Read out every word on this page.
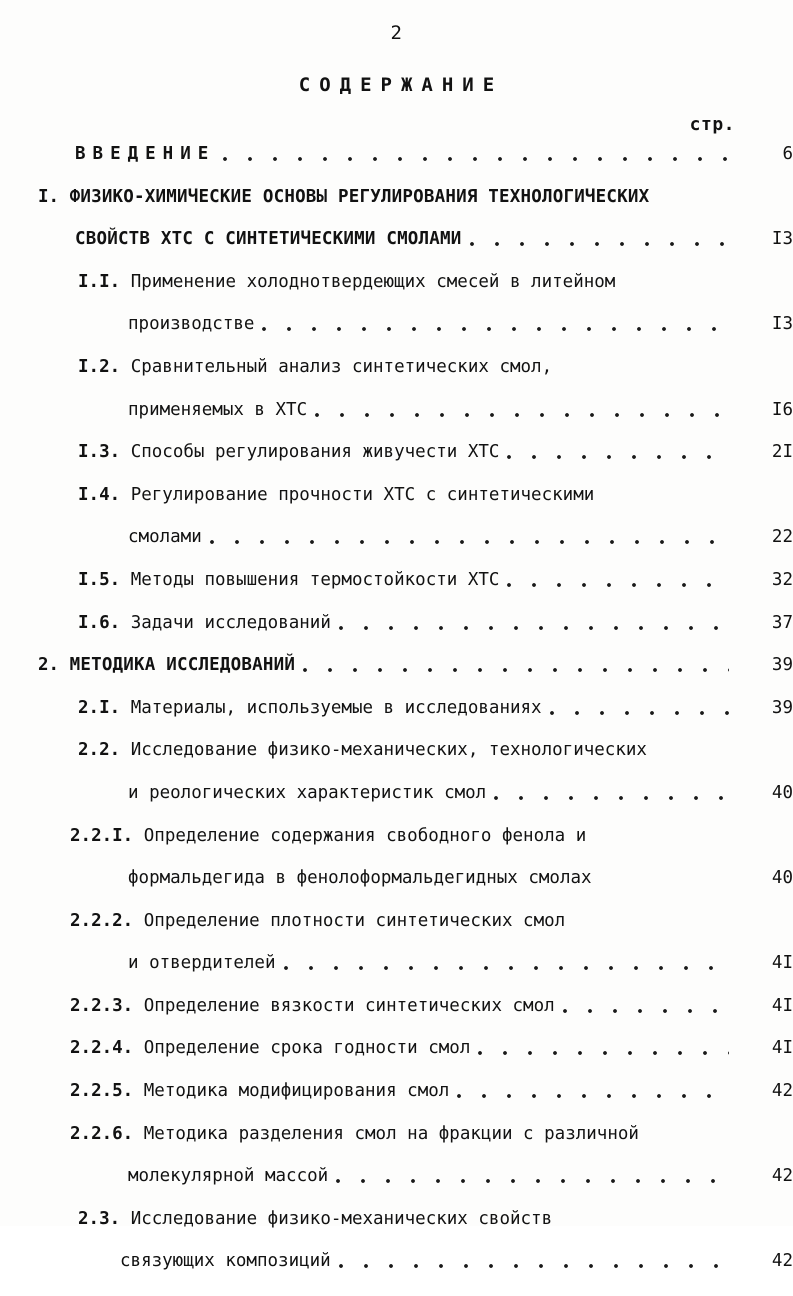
2
СОДЕРЖАНИЕ
стр.
ВВЕДЕНИЕ	6
I. ФИЗИКО-ХИМИЧЕСКИЕ ОСНОВЫ РЕГУЛИРОВАНИЯ ТЕХНОЛОГИЧЕСКИХ
СВОЙСТВ ХТС С СИНТЕТИЧЕСКИМИ СМОЛАМИ	I3
I.I. Применение холоднотвердеющих смесей в литейном
производстве	I3
I.2. Сравнительный анализ синтетических смол,
применяемых в ХТС	I6
I.3. Способы регулирования живучести ХТС	2I
I.4. Регулирование прочности ХТС с синтетическими
смолами	22
I.5. Методы повышения термостойкости ХТС	32
I.6. Задачи исследований	37
2. МЕТОДИКА ИССЛЕДОВАНИЙ	39
2.I. Материалы, используемые в исследованиях	39
2.2. Исследование физико-механических, технологических
и реологических характеристик смол	40
2.2.I. Определение содержания свободного фенола и
формальдегида в фенолоформальдегидных смолах	40
2.2.2. Определение плотности синтетических смол
и отвердителей	4I
2.2.3. Определение вязкости синтетических смол	4I
2.2.4. Определение срока годности смол	4I
2.2.5. Методика модифицирования смол	42
2.2.6. Методика разделения смол на фракции с различной
молекулярной массой	42
2.3. Исследование физико-механических свойств
связующих композиций	42
